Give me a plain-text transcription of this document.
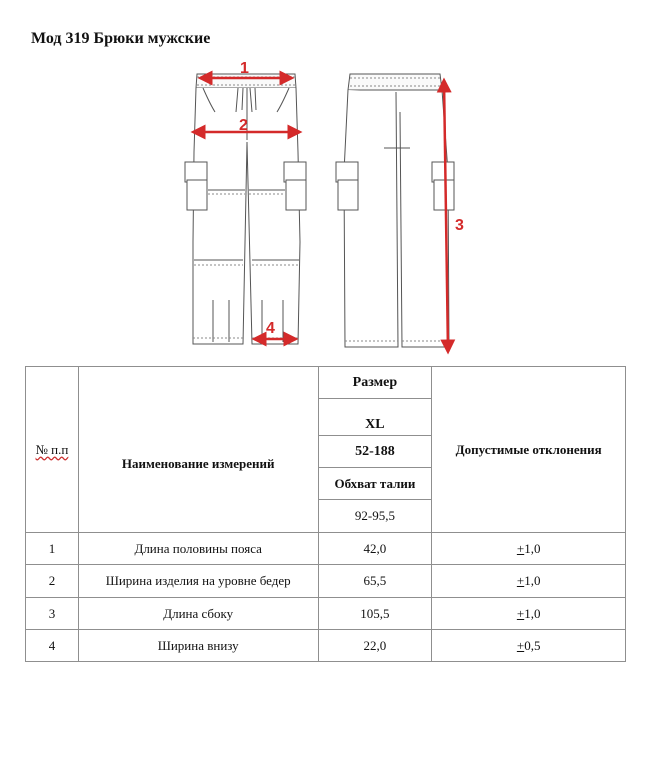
Мод 319 Брюки мужские
1
2
3
4
№ п.п	Наименование измерений	Размер	Допустимые отклонения
		XL	
		52-188	
		Обхват талии	
		92-95,5	
1	Длина половины пояса	42,0	+1,0
2	Ширина изделия на уровне бедер	65,5	+1,0
3	Длина сбоку	105,5	+1,0
4	Ширина внизу	22,0	+0,5
